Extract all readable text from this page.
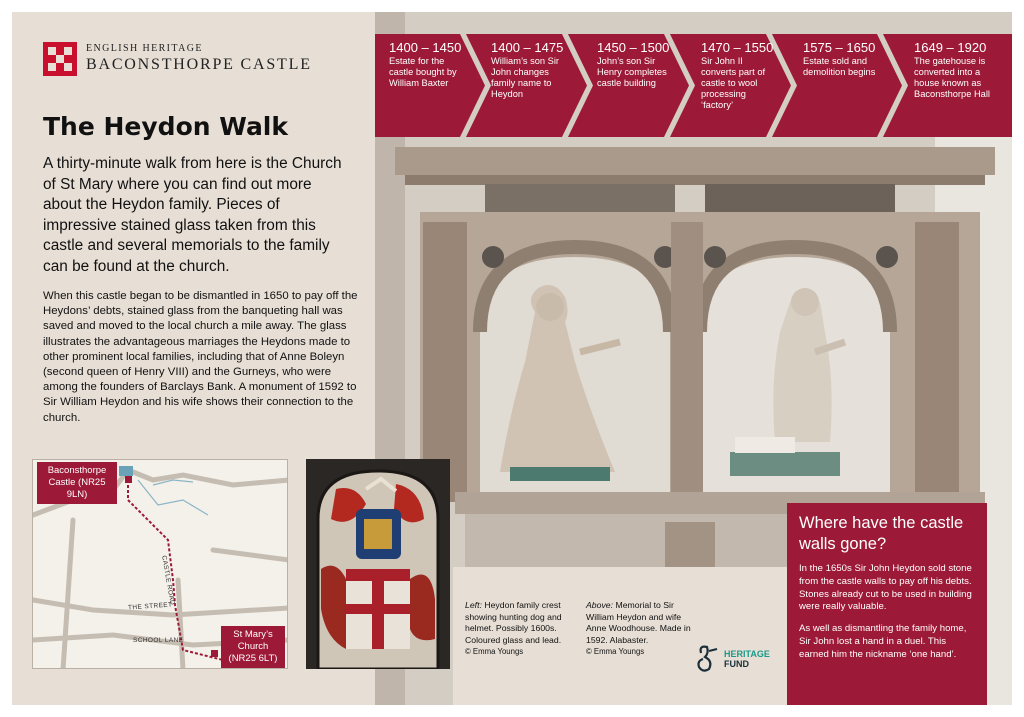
1400 – 1450
Estate for the castle bought by William Baxter
1400 – 1475
William’s son Sir John changes family name to Heydon
1450 – 1500
John’s son Sir Henry completes castle building
1470 – 1550
Sir John II converts part of castle to wool processing ‘factory’
1575 – 1650
Estate sold and demolition begins
1649 – 1920
The gatehouse is converted into a house known as Baconsthorpe Hall
ENGLISH HERITAGE
BACONSTHORPE CASTLE
The Heydon Walk

A thirty-minute walk from here is the Church of St Mary where you can find out more about the Heydon family. Pieces of impressive stained glass taken from this castle and several memorials to the family can be found at the church.

When this castle began to be dismantled in 1650 to pay off the Heydons’ debts, stained glass from the banqueting hall was saved and moved to the local church a mile away. The glass illustrates the advantageous marriages the Heydons made to other prominent local families, including that of Anne Boleyn (second queen of Henry VIII) and the Gurneys, who were among the founders of Barclays Bank. A monument of 1592 to Sir William Heydon and his wife shows their connection to the church.

Baconsthorpe Castle (NR25 9LN)
St Mary’s Church (NR25 6LT)
CASTLE ROAD
THE STREET
SCHOOL LANE
Left: Heydon family crest showing hunting dog and helmet. Possibly 1600s. Coloured glass and lead.
© Emma Youngs
Above: Memorial to Sir William Heydon and wife Anne Woodhouse. Made in 1592. Alabaster.
© Emma Youngs	HERITAGE
FUND
Where have the castle walls gone?

In the 1650s Sir John Heydon sold stone from the castle walls to pay off his debts. Stones already cut to be used in building were really valuable.

As well as dismantling the family home, Sir John lost a hand in a duel. This earned him the nickname ‘one hand’.
